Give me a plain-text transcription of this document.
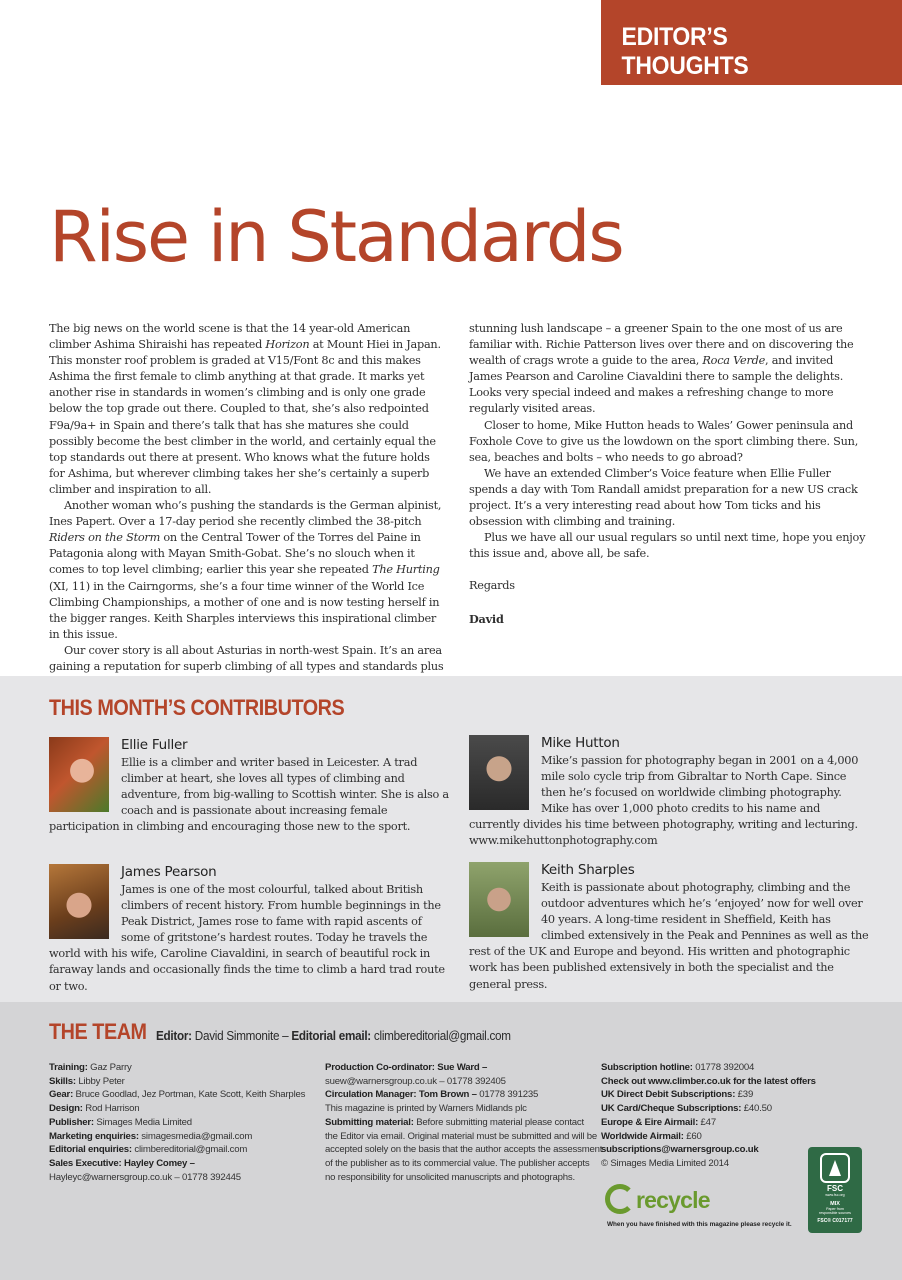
EDITOR’S THOUGHTS
Rise in Standards

The big news on the world scene is that the 14 year-old American climber Ashima Shiraishi has repeated Horizon at Mount Hiei in Japan. This monster roof problem is graded at V15/Font 8c and this makes Ashima the first female to climb anything at that grade. It marks yet another rise in standards in women’s climbing and is only one grade below the top grade out there. Coupled to that, she’s also redpointed F9a/9a+ in Spain and there’s talk that has she matures she could possibly become the best climber in the world, and certainly equal the top standards out there at present. Who knows what the future holds for Ashima, but wherever climbing takes her she’s certainly a superb climber and inspiration to all.

Another woman who’s pushing the standards is the German alpinist, Ines Papert. Over a 17-day period she recently climbed the 38-pitch Riders on the Storm on the Central Tower of the Torres del Paine in Patagonia along with Mayan Smith-Gobat. She’s no slouch when it comes to top level climbing; earlier this year she repeated The Hurting (XI, 11) in the Cairngorms, she’s a four time winner of the World Ice Climbing Championships, a mother of one and is now testing herself in the bigger ranges. Keith Sharples interviews this inspirational climber in this issue.

Our cover story is all about Asturias in north-west Spain. It’s an area gaining a reputation for superb climbing of all types and standards plus

stunning lush landscape – a greener Spain to the one most of us are familiar with. Richie Patterson lives over there and on discovering the wealth of crags wrote a guide to the area, Roca Verde, and invited James Pearson and Caroline Ciavaldini there to sample the delights. Looks very special indeed and makes a refreshing change to more regularly visited areas.

Closer to home, Mike Hutton heads to Wales’ Gower peninsula and Foxhole Cove to give us the lowdown on the sport climbing there. Sun, sea, beaches and bolts – who needs to go abroad?

We have an extended Climber’s Voice feature when Ellie Fuller spends a day with Tom Randall amidst preparation for a new US crack project. It’s a very interesting read about how Tom ticks and his obsession with climbing and training.

Plus we have all our usual regulars so until next time, hope you enjoy this issue and, above all, be safe.

Regards

David

THIS MONTH’S CONTRIBUTORS
Ellie Fuller
Ellie is a climber and writer based in Leicester. A trad climber at heart, she loves all types of climbing and adventure, from big-walling to Scottish winter. She is also a coach and is passionate about increasing female participation in climbing and encouraging those new to the sport.
Mike Hutton
Mike’s passion for photography began in 2001 on a 4,000 mile solo cycle trip from Gibraltar to North Cape. Since then he’s focused on worldwide climbing photography. Mike has over 1,000 photo credits to his name and currently divides his time between photography, writing and lecturing. www.mikehuttonphotography.com
James Pearson
James is one of the most colourful, talked about British climbers of recent history. From humble beginnings in the Peak District, James rose to fame with rapid ascents of some of gritstone’s hardest routes. Today he travels the world with his wife, Caroline Ciavaldini, in search of beautiful rock in faraway lands and occasionally finds the time to climb a hard trad route or two.
Keith Sharples
Keith is passionate about photography, climbing and the outdoor adventures which he’s ‘enjoyed’ now for well over 40 years. A long-time resident in Sheffield, Keith has climbed extensively in the Peak and Pennines as well as the rest of the UK and Europe and beyond. His written and photographic work has been published extensively in both the specialist and the general press.
THE TEAM Editor: David Simmonite – Editorial email: climbereditorial@gmail.com
Training: Gaz Parry
Skills: Libby Peter
Gear: Bruce Goodlad, Jez Portman, Kate Scott, Keith Sharples
Design: Rod Harrison
Publisher: Simages Media Limited
Marketing enquiries: simagesmedia@gmail.com
Editorial enquiries: climbereditorial@gmail.com
Sales Executive: Hayley Comey –
Hayleyc@warnersgroup.co.uk – 01778 392445
Production Co-ordinator: Sue Ward –
suew@warnersgroup.co.uk – 01778 392405
Circulation Manager: Tom Brown – 01778 391235
This magazine is printed by Warners Midlands plc
Submitting material: Before submitting material please contact
the Editor via email. Original material must be submitted and will be
accepted solely on the basis that the author accepts the assessment
of the publisher as to its commercial value. The publisher accepts
no responsibility for unsolicited manuscripts and photographs.
Subscription hotline: 01778 392004
Check out www.climber.co.uk for the latest offers
UK Direct Debit Subscriptions: £39
UK Card/Cheque Subscriptions: £40.50
Europe & Eire Airmail: £47
Worldwide Airmail: £60
subscriptions@warnersgroup.co.uk
© Simages Media Limited 2014
recycle
When you have finished with this magazine please recycle it.
FSC
www.fsc.org
MIX
Paper from
responsible sources
FSC® C017177
